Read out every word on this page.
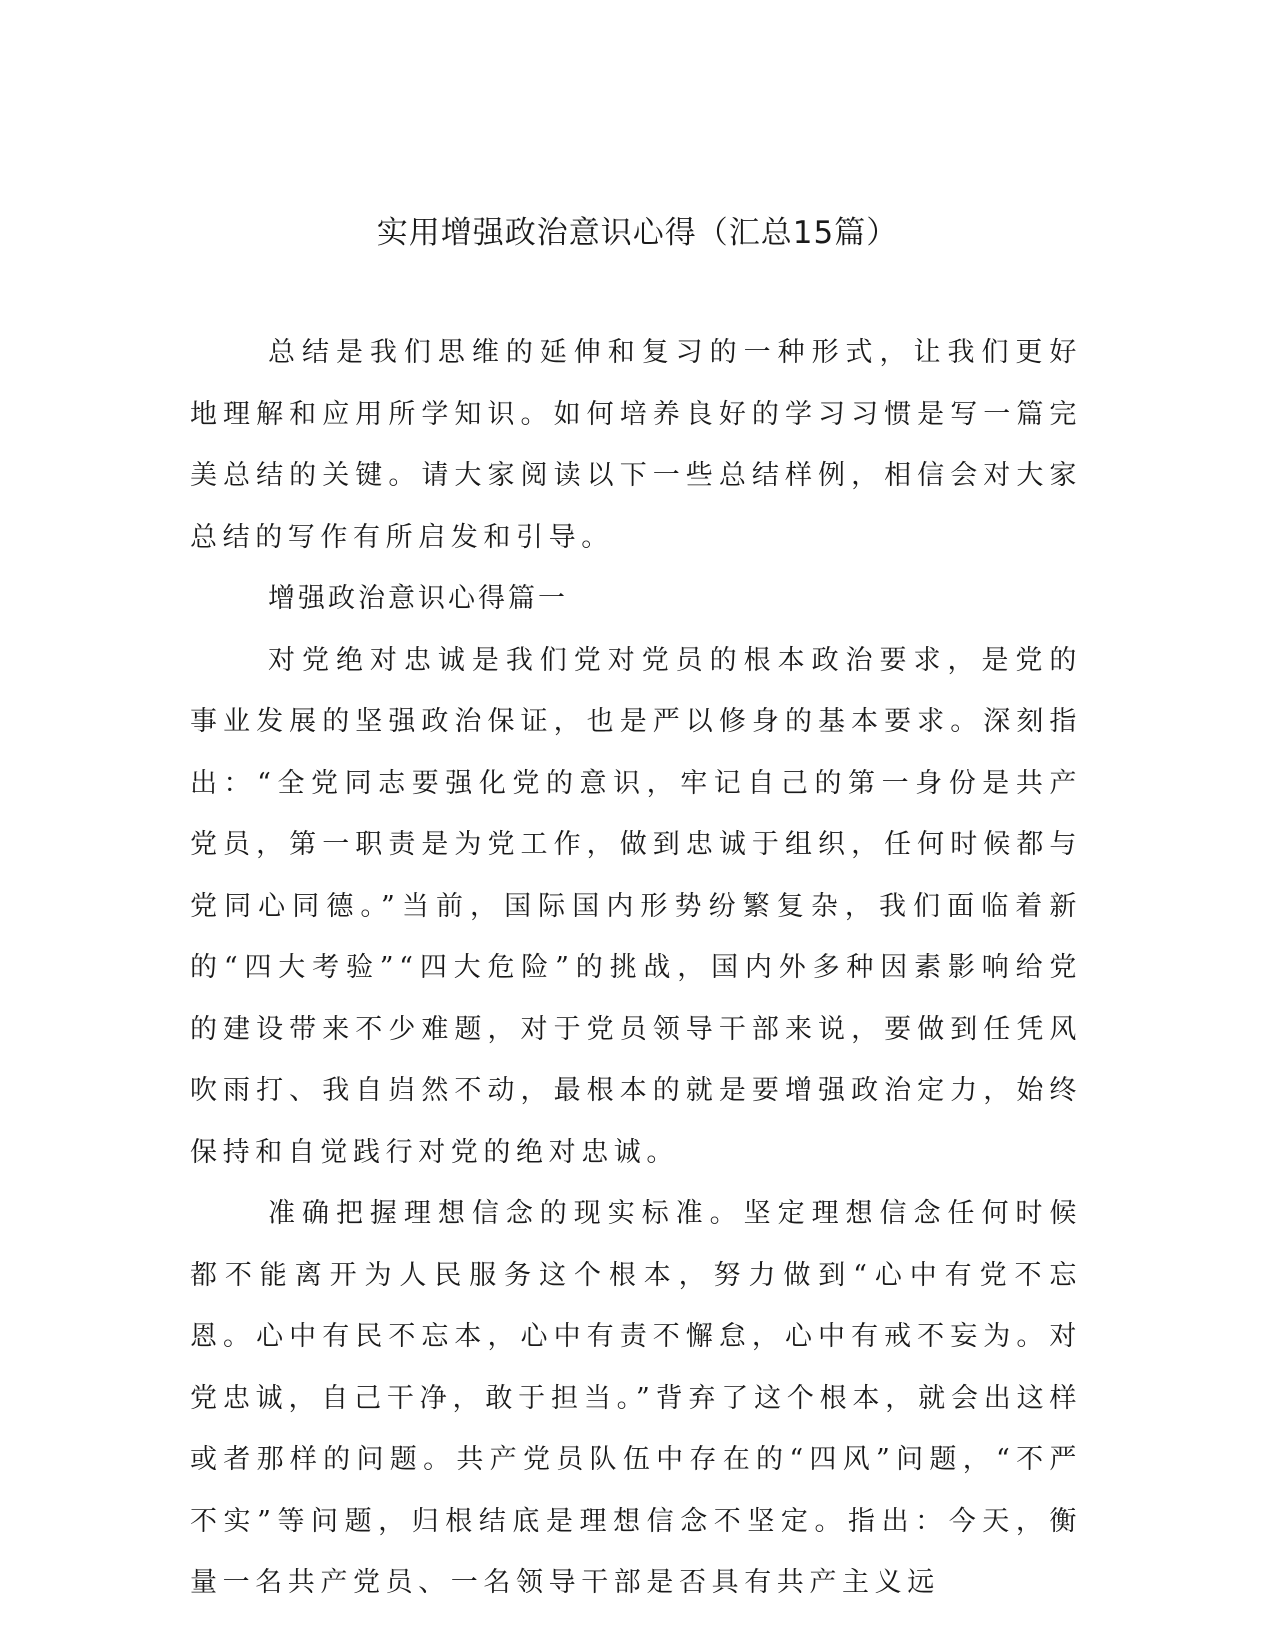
实用增强政治意识心得（汇总15篇）

总结是我们思维的延伸和复习的一种形式，让我们更好地理解和应用所学知识。如何培养良好的学习习惯是写一篇完美总结的关键。请大家阅读以下一些总结样例，相信会对大家总结的写作有所启发和引导。

增强政治意识心得篇一

对党绝对忠诚是我们党对党员的根本政治要求，是党的事业发展的坚强政治保证，也是严以修身的基本要求。深刻指出：“全党同志要强化党的意识，牢记自己的第一身份是共产党员，第一职责是为党工作，做到忠诚于组织，任何时候都与党同心同德。”当前，国际国内形势纷繁复杂，我们面临着新的“四大考验”“四大危险”的挑战，国内外多种因素影响给党的建设带来不少难题，对于党员领导干部来说，要做到任凭风吹雨打、我自岿然不动，最根本的就是要增强政治定力，始终保持和自觉践行对党的绝对忠诚。

准确把握理想信念的现实标准。坚定理想信念任何时候都不能离开为人民服务这个根本，努力做到“心中有党不忘恩。心中有民不忘本，心中有责不懈怠，心中有戒不妄为。对党忠诚，自己干净，敢于担当。”背弃了这个根本，就会出这样或者那样的问题。共产党员队伍中存在的“四风”问题，“不严不实”等问题，归根结底是理想信念不坚定。指出：今天，衡量一名共产党员、一名领导干部是否具有共产主义远
